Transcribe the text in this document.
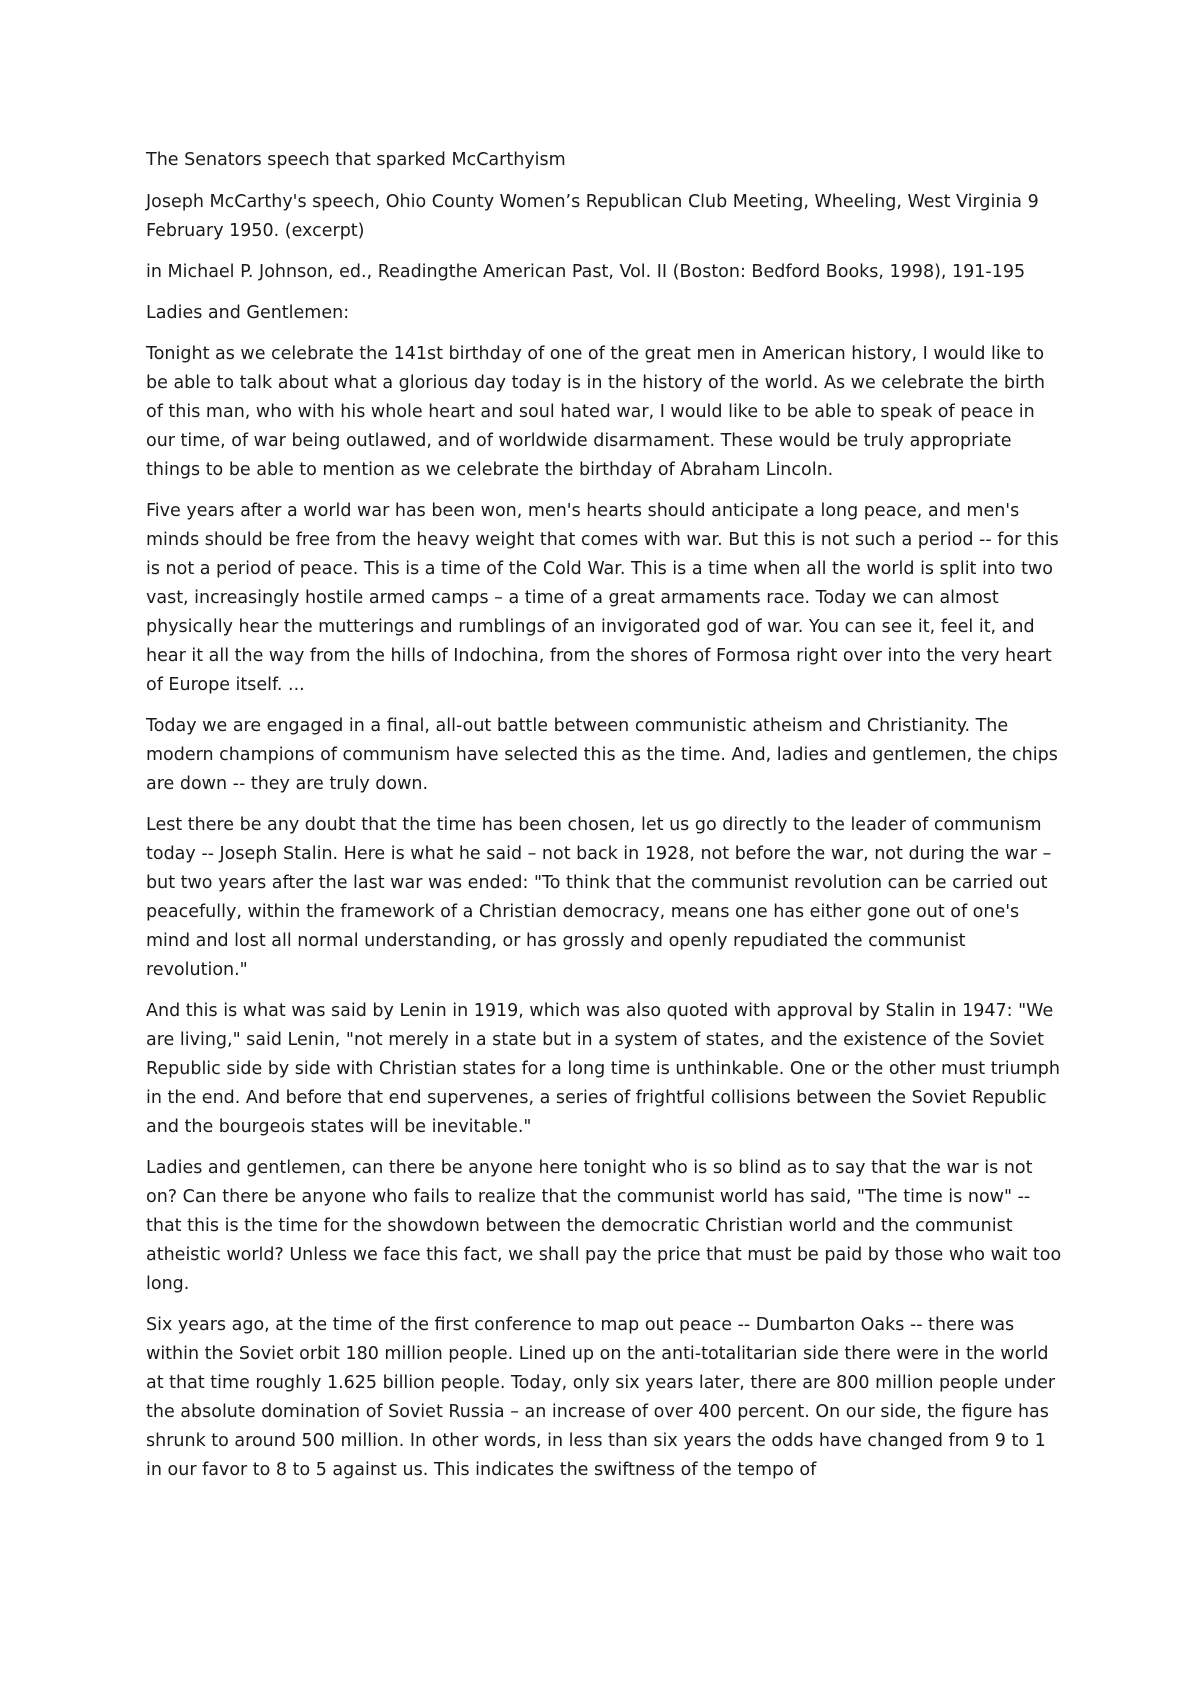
The Senators speech that sparked McCarthyism

Joseph McCarthy's speech, Ohio County Women’s Republican Club Meeting, Wheeling, West Virginia 9 February 1950. (excerpt)

in Michael P. Johnson, ed., Readingthe American Past, Vol. II (Boston: Bedford Books, 1998), 191-195

Ladies and Gentlemen:

Tonight as we celebrate the 141st birthday of one of the great men in American history, I would like to be able to talk about what a glorious day today is in the history of the world. As we celebrate the birth of this man, who with his whole heart and soul hated war, I would like to be able to speak of peace in our time, of war being outlawed, and of worldwide disarmament. These would be truly appropriate things to be able to mention as we celebrate the birthday of Abraham Lincoln.

Five years after a world war has been won, men's hearts should anticipate a long peace, and men's minds should be free from the heavy weight that comes with war. But this is not such a period -- for this is not a period of peace. This is a time of the Cold War. This is a time when all the world is split into two vast, increasingly hostile armed camps – a time of a great armaments race. Today we can almost physically hear the mutterings and rumblings of an invigorated god of war. You can see it, feel it, and hear it all the way from the hills of Indochina, from the shores of Formosa right over into the very heart of Europe itself. ...

Today we are engaged in a final, all-out battle between communistic atheism and Christianity. The modern champions of communism have selected this as the time. And, ladies and gentlemen, the chips are down -- they are truly down.

Lest there be any doubt that the time has been chosen, let us go directly to the leader of communism today -- Joseph Stalin. Here is what he said – not back in 1928, not before the war, not during the war – but two years after the last war was ended: "To think that the communist revolution can be carried out peacefully, within the framework of a Christian democracy, means one has either gone out of one's mind and lost all normal understanding, or has grossly and openly repudiated the communist revolution."

And this is what was said by Lenin in 1919, which was also quoted with approval by Stalin in 1947: "We are living," said Lenin, "not merely in a state but in a system of states, and the existence of the Soviet Republic side by side with Christian states for a long time is unthinkable. One or the other must triumph in the end. And before that end supervenes, a series of frightful collisions between the Soviet Republic and the bourgeois states will be inevitable."

Ladies and gentlemen, can there be anyone here tonight who is so blind as to say that the war is not on? Can there be anyone who fails to realize that the communist world has said, "The time is now" -- that this is the time for the showdown between the democratic Christian world and the communist atheistic world? Unless we face this fact, we shall pay the price that must be paid by those who wait too long.

Six years ago, at the time of the first conference to map out peace -- Dumbarton Oaks -- there was within the Soviet orbit 180 million people. Lined up on the anti-totalitarian side there were in the world at that time roughly 1.625 billion people. Today, only six years later, there are 800 million people under the absolute domination of Soviet Russia – an increase of over 400 percent. On our side, the figure has shrunk to around 500 million. In other words, in less than six years the odds have changed from 9 to 1 in our favor to 8 to 5 against us. This indicates the swiftness of the tempo of
